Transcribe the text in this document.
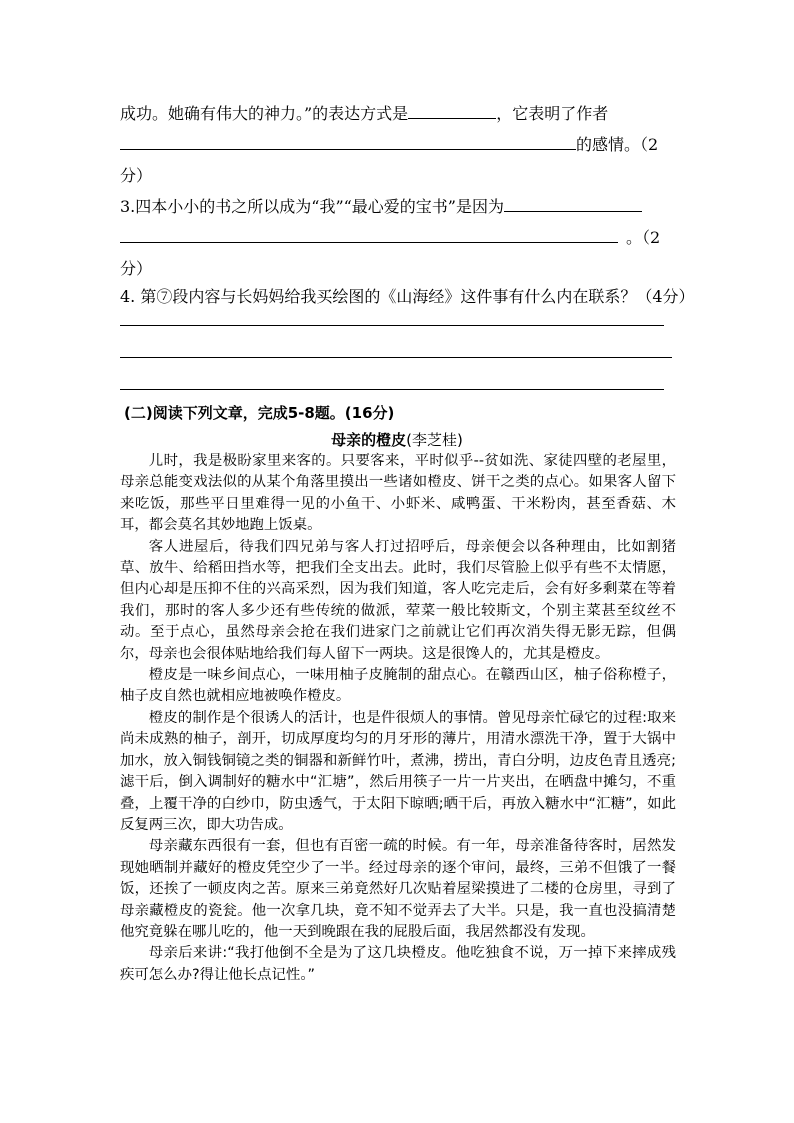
成功。她确有伟大的神力。”的表达方式是	，它表明了作者
的感情。（2
分）
3.四本小小的书之所以成为“我”“最心爱的宝书”是因为
。（2
分）
4. 第⑦段内容与长妈妈给我买绘图的《山海经》这件事有什么内在联系？（4分）
(二)阅读下列文章，完成5-8题。(16分)
母亲的橙皮(李芝桂)

儿时，我是极盼家里来客的。只要客来，平时似乎--贫如洗、家徒四壁的老屋里，母亲总能变戏法似的从某个角落里摸出一些诸如橙皮、饼干之类的点心。如果客人留下来吃饭，那些平日里难得一见的小鱼干、小虾米、咸鸭蛋、干米粉肉，甚至香菇、木耳，都会莫名其妙地跑上饭桌。

客人进屋后，待我们四兄弟与客人打过招呼后，母亲便会以各种理由，比如割猪草、放牛、给稻田挡水等，把我们全支出去。此时，我们尽管脸上似乎有些不太情愿，但内心却是压抑不住的兴高采烈，因为我们知道，客人吃完走后，会有好多剩菜在等着我们，那时的客人多少还有些传统的做派，荤菜一般比较斯文，个别主菜甚至纹丝不动。至于点心，虽然母亲会抢在我们进家门之前就让它们再次消失得无影无踪，但偶尔，母亲也会很体贴地给我们每人留下一两块。这是很馋人的，尤其是橙皮。

橙皮是一味乡间点心，一味用柚子皮腌制的甜点心。在赣西山区，柚子俗称橙子，柚子皮自然也就相应地被唤作橙皮。

橙皮的制作是个很诱人的活计，也是件很烦人的事情。曾见母亲忙碌它的过程:取来尚未成熟的柚子，剖开，切成厚度均匀的月牙形的薄片，用清水漂洗干净，置于大锅中加水，放入铜钱铜镜之类的铜器和新鲜竹叶，煮沸，捞出，青白分明，边皮色青且透亮;滤干后，倒入调制好的糖水中“汇塘”，然后用筷子一片一片夹出，在晒盘中摊匀，不重叠，上覆干净的白纱巾，防虫透气，于太阳下晾晒;晒干后，再放入糖水中“汇糖”，如此反复两三次，即大功告成。

母亲藏东西很有一套，但也有百密一疏的时候。有一年，母亲准备待客时，居然发现她晒制并藏好的橙皮凭空少了一半。经过母亲的逐个审问，最终，三弟不但饿了一餐饭，还挨了一顿皮肉之苦。原来三弟竟然好几次贴着屋梁摸进了二楼的仓房里，寻到了母亲藏橙皮的瓷瓮。他一次拿几块，竟不知不觉弄去了大半。只是，我一直也没搞清楚他究竟躲在哪儿吃的，他一天到晚跟在我的屁股后面，我居然都没有发现。

母亲后来讲:“我打他倒不全是为了这几块橙皮。他吃独食不说，万一掉下来摔成残疾可怎么办?得让他长点记性。”
